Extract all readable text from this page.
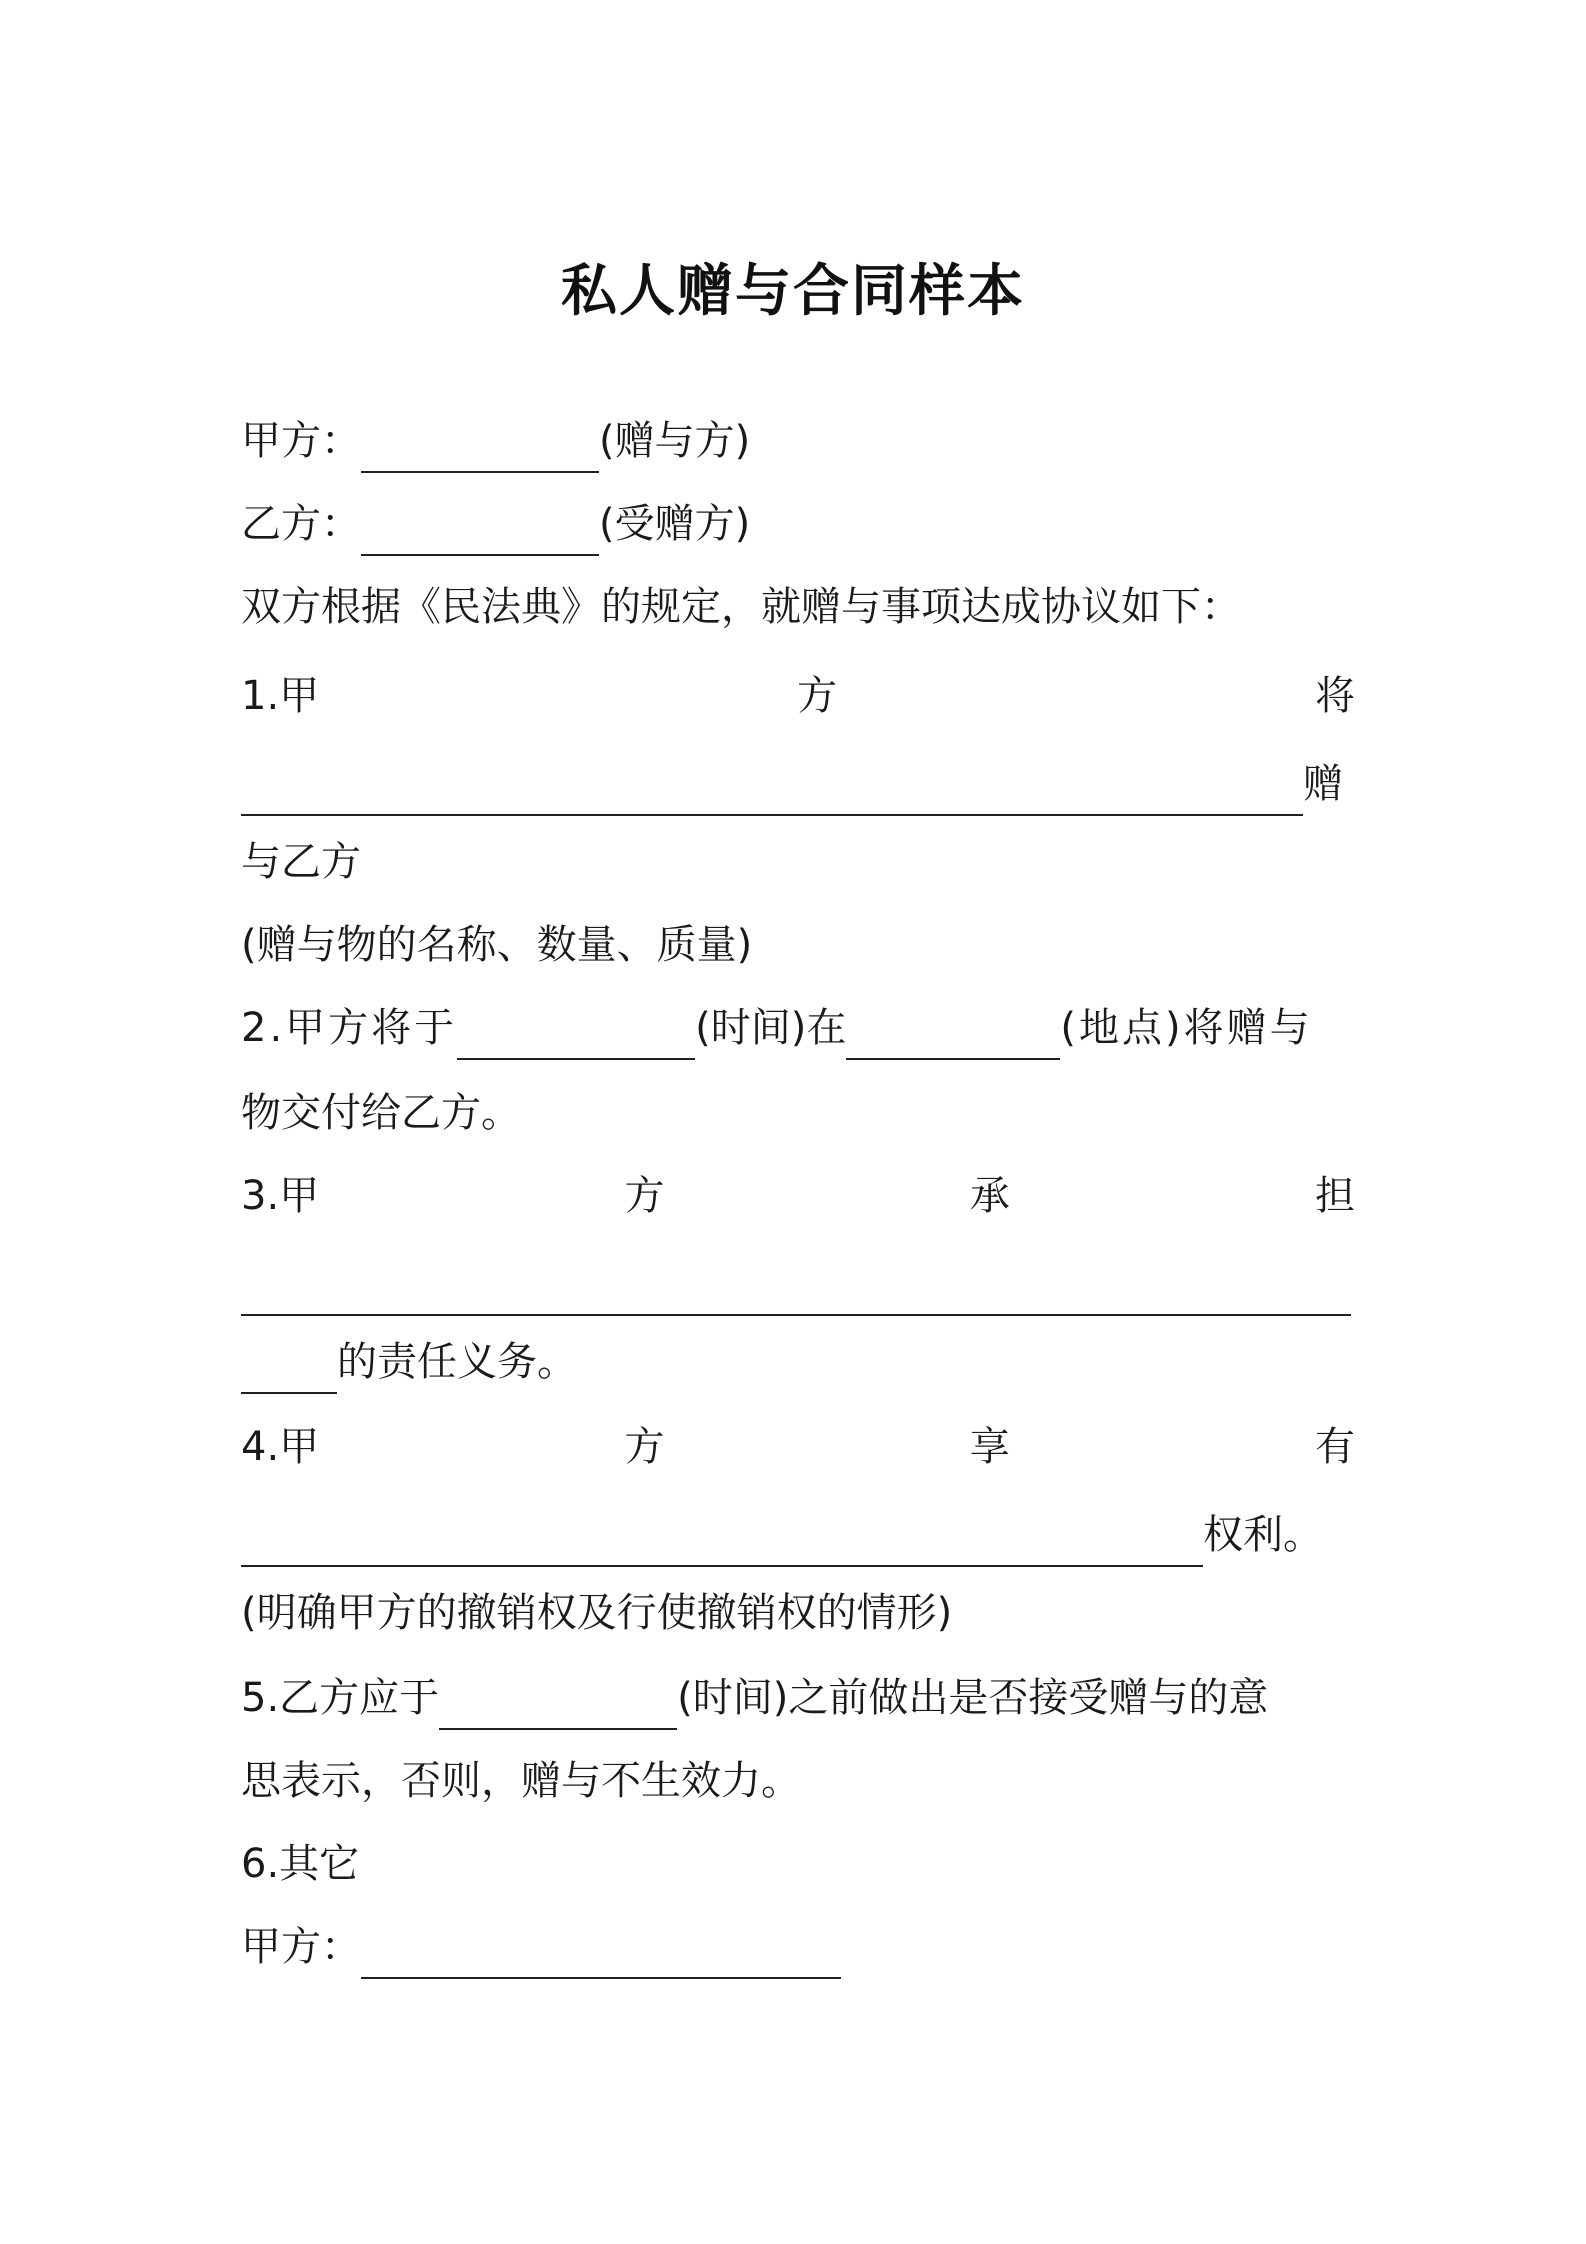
私人赠与合同样本
甲方：	(赠与方)
乙方：	(受赠方)
双方根据《民法典》的规定，就赠与事项达成协议如下：
1.甲	方	将
赠
与乙方
(赠与物的名称、数量、质量)
2.甲方将于	(时间)在	(地点)将赠与
物交付给乙方。
3.甲	方	承	担
的责任义务。
4.甲	方	享	有
权利。
(明确甲方的撤销权及行使撤销权的情形)
5.乙方应于	(时间)之前做出是否接受赠与的意
思表示，否则，赠与不生效力。
6.其它
甲方：
